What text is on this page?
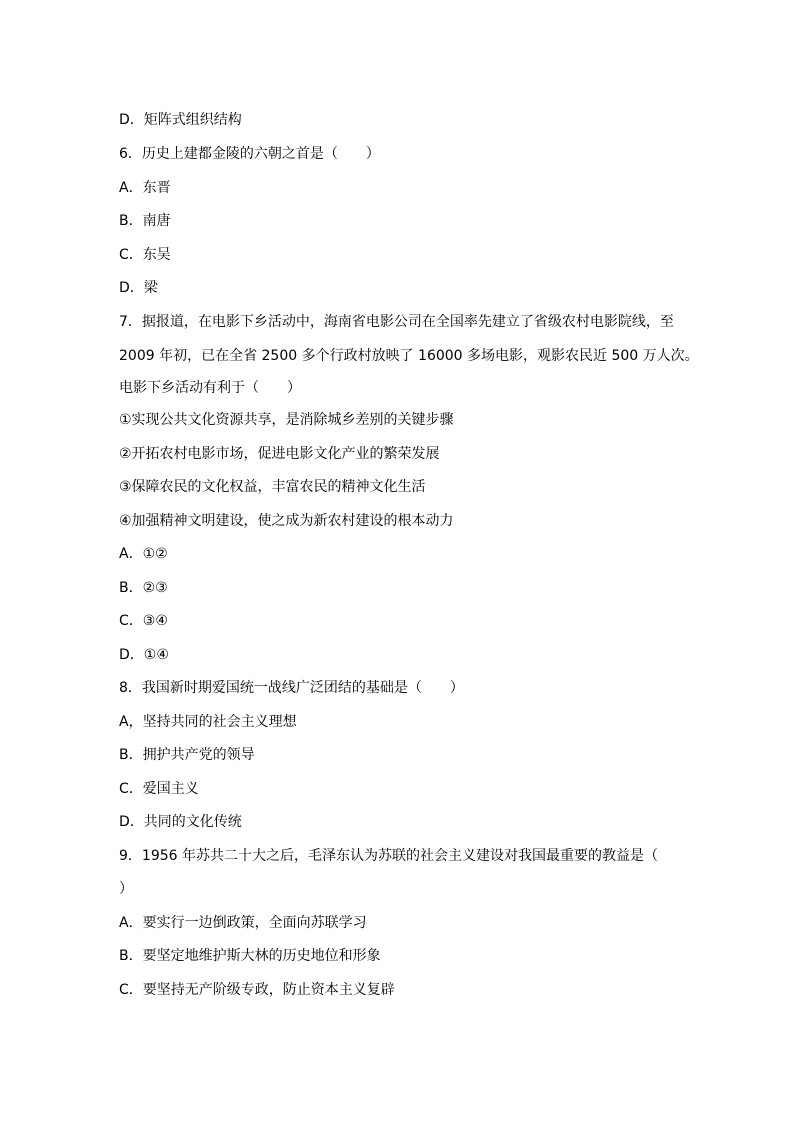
D．矩阵式组织结构
6．历史上建都金陵的六朝之首是（　　）
A．东晋
B．南唐
C．东吴
D．梁
7．据报道，在电影下乡活动中，海南省电影公司在全国率先建立了省级农村电影院线，至
2009 年初，已在全省 2500 多个行政村放映了 16000 多场电影，观影农民近 500 万人次。
电影下乡活动有利于（　　）
①实现公共文化资源共享，是消除城乡差别的关键步骤
②开拓农村电影市场，促进电影文化产业的繁荣发展
③保障农民的文化权益，丰富农民的精神文化生活
④加强精神文明建设，使之成为新农村建设的根本动力
A．①②
B．②③
C．③④
D．①④
8．我国新时期爱国统一战线广泛团结的基础是（　　）
A，坚持共同的社会主义理想
B．拥护共产党的领导
C．爱国主义
D．共同的文化传统
9．1956 年苏共二十大之后，毛泽东认为苏联的社会主义建设对我国最重要的教益是（
）
A．要实行一边倒政策，全面向苏联学习
B．要坚定地维护斯大林的历史地位和形象
C．要坚持无产阶级专政，防止资本主义复辟
